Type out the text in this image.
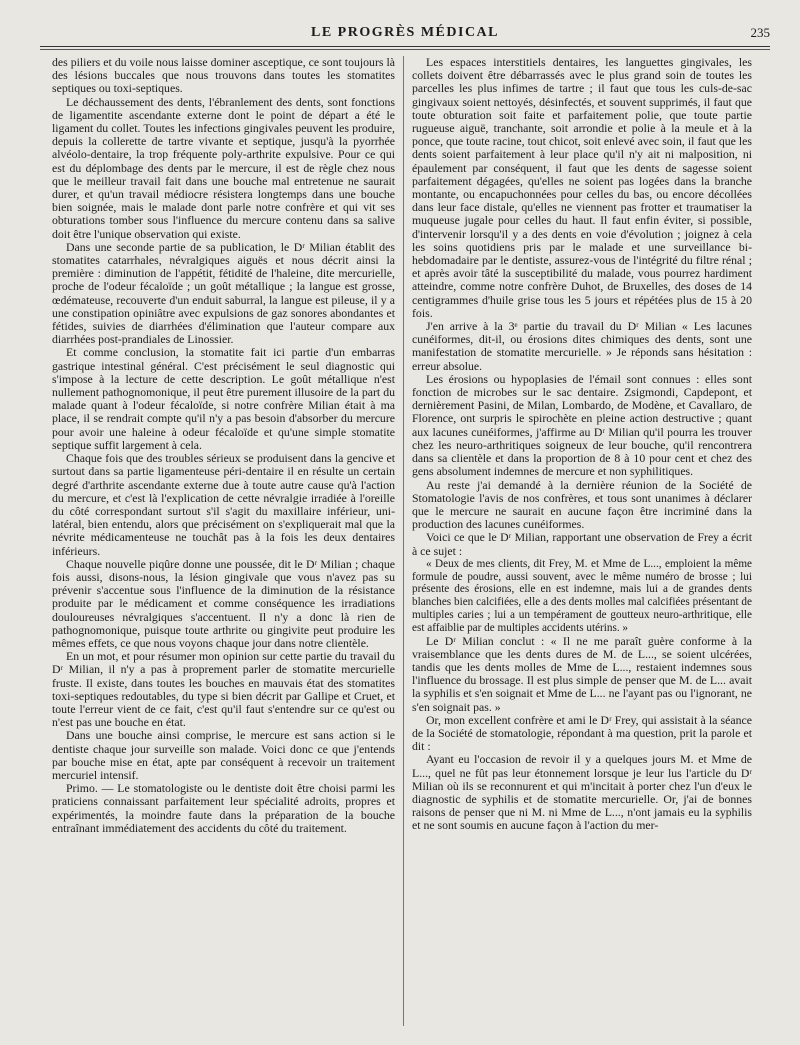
LE PROGRÈS MÉDICAL	235

des piliers et du voile nous laisse dominer asceptique, ce sont toujours là des lésions buccales que nous trouvons dans toutes les stomatites septiques ou toxi-septiques.

Le déchaussement des dents, l'ébranlement des dents, sont fonctions de ligamentite ascendante externe dont le point de départ a été le ligament du collet. Toutes les infections gingivales peuvent les produire, depuis la collerette de tartre vivante et septique, jusqu'à la pyorrhée alvéolo-dentaire, la trop fréquente poly-arthrite expulsive. Pour ce qui est du déplombage des dents par le mercure, il est de règle chez nous que le meilleur travail fait dans une bouche mal entretenue ne saurait durer, et qu'un travail médiocre résistera longtemps dans une bouche bien soignée, mais le malade dont parle notre confrère et qui vit ses obturations tomber sous l'influence du mercure contenu dans sa salive doit être l'unique observation qui existe.

Dans une seconde partie de sa publication, le Dʳ Milian établit des stomatites catarrhales, névralgiques aiguës et nous décrit ainsi la première : diminution de l'appétit, fétidité de l'haleine, dite mercurielle, proche de l'odeur fécaloïde ; un goût métallique ; la langue est grosse, œdémateuse, recouverte d'un enduit saburral, la langue est pileuse, il y a une constipation opiniâtre avec expulsions de gaz sonores abondantes et fétides, suivies de diarrhées d'élimination que l'auteur compare aux diarrhées post-prandiales de Linossier.

Et comme conclusion, la stomatite fait ici partie d'un embarras gastrique intestinal général. C'est précisément le seul diagnostic qui s'impose à la lecture de cette description. Le goût métallique n'est nullement pathognomonique, il peut être purement illusoire de la part du malade quant à l'odeur fécaloïde, si notre confrère Milian était à ma place, il se rendrait compte qu'il n'y a pas besoin d'absorber du mercure pour avoir une haleine à odeur fécaloïde et qu'une simple stomatite septique suffit largement à cela.

Chaque fois que des troubles sérieux se produisent dans la gencive et surtout dans sa partie ligamenteuse péri-dentaire il en résulte un certain degré d'arthrite ascendante externe due à toute autre cause qu'à l'action du mercure, et c'est là l'explication de cette névralgie irradiée à l'oreille du côté correspondant surtout s'il s'agit du maxillaire inférieur, uni-latéral, bien entendu, alors que précisément on s'expliquerait mal que la névrite médicamenteuse ne touchât pas à la fois les deux dentaires inférieurs.

Chaque nouvelle piqûre donne une poussée, dit le Dʳ Milian ; chaque fois aussi, disons-nous, la lésion gingivale que vous n'avez pas su prévenir s'accentue sous l'influence de la diminution de la résistance produite par le médicament et comme conséquence les irradiations douloureuses névralgiques s'accentuent. Il n'y a donc là rien de pathognomonique, puisque toute arthrite ou gingivite peut produire les mêmes effets, ce que nous voyons chaque jour dans notre clientèle.

En un mot, et pour résumer mon opinion sur cette partie du travail du Dʳ Milian, il n'y a pas à proprement parler de stomatite mercurielle fruste. Il existe, dans toutes les bouches en mauvais état des stomatites toxi-septiques redoutables, du type si bien décrit par Gallipe et Cruet, et toute l'erreur vient de ce fait, c'est qu'il faut s'entendre sur ce qu'est ou n'est pas une bouche en état.

Dans une bouche ainsi comprise, le mercure est sans action si le dentiste chaque jour surveille son malade. Voici donc ce que j'entends par bouche mise en état, apte par conséquent à recevoir un traitement mercuriel intensif.

Primo. — Le stomatologiste ou le dentiste doit être choisi parmi les praticiens connaissant parfaitement leur spécialité adroits, propres et expérimentés, la moindre faute dans la préparation de la bouche entraînant immédiatement des accidents du côté du traitement.

Les espaces interstitiels dentaires, les languettes gingivales, les collets doivent être débarrassés avec le plus grand soin de toutes les parcelles les plus infimes de tartre ; il faut que tous les culs-de-sac gingivaux soient nettoyés, désinfectés, et souvent supprimés, il faut que toute obturation soit faite et parfaitement polie, que toute partie rugueuse aiguë, tranchante, soit arrondie et polie à la meule et à la ponce, que toute racine, tout chicot, soit enlevé avec soin, il faut que les dents soient parfaitement à leur place qu'il n'y ait ni malposition, ni épaulement par conséquent, il faut que les dents de sagesse soient parfaitement dégagées, qu'elles ne soient pas logées dans la branche montante, ou encapuchonnées pour celles du bas, ou encore décollées dans leur face distale, qu'elles ne viennent pas frotter et traumatiser la muqueuse jugale pour celles du haut. Il faut enfin éviter, si possible, d'intervenir lorsqu'il y a des dents en voie d'évolution ; joignez à cela les soins quotidiens pris par le malade et une surveillance bi-hebdomadaire par le dentiste, assurez-vous de l'intégrité du filtre rénal ; et après avoir tâté la susceptibilité du malade, vous pourrez hardiment atteindre, comme notre confrère Duhot, de Bruxelles, des doses de 14 centigrammes d'huile grise tous les 5 jours et répétées plus de 15 à 20 fois.

J'en arrive à la 3ᵉ partie du travail du Dʳ Milian « Les lacunes cunéiformes, dit-il, ou érosions dites chimiques des dents, sont une manifestation de stomatite mercurielle. » Je réponds sans hésitation : erreur absolue.

Les érosions ou hypoplasies de l'émail sont connues : elles sont fonction de microbes sur le sac dentaire. Zsigmondi, Capdepont, et dernièrement Pasini, de Milan, Lombardo, de Modène, et Cavallaro, de Florence, ont surpris le spirochète en pleine action destructive ; quant aux lacunes cunéiformes, j'affirme au Dʳ Milian qu'il pourra les trouver chez les neuro-arthritiques soigneux de leur bouche, qu'il rencontrera dans sa clientèle et dans la proportion de 8 à 10 pour cent et chez des gens absolument indemnes de mercure et non syphilitiques.

Au reste j'ai demandé à la dernière réunion de la Société de Stomatologie l'avis de nos confrères, et tous sont unanimes à déclarer que le mercure ne saurait en aucune façon être incriminé dans la production des lacunes cunéiformes.

Voici ce que le Dʳ Milian, rapportant une observation de Frey a écrit à ce sujet :

« Deux de mes clients, dit Frey, M. et Mme de L..., emploient la même formule de poudre, aussi souvent, avec le même numéro de brosse ; lui présente des érosions, elle en est indemne, mais lui a de grandes dents blanches bien calcifiées, elle a des dents molles mal calcifiées présentant de multiples caries ; lui a un tempérament de goutteux neuro-arthritique, elle est affaiblie par de multiples accidents utérins. »

Le Dʳ Milian conclut : « Il ne me paraît guère conforme à la vraisemblance que les dents dures de M. de L..., se soient ulcérées, tandis que les dents molles de Mme de L..., restaient indemnes sous l'influence du brossage. Il est plus simple de penser que M. de L... avait la syphilis et s'en soignait et Mme de L... ne l'ayant pas ou l'ignorant, ne s'en soignait pas. »

Or, mon excellent confrère et ami le Dʳ Frey, qui assistait à la séance de la Société de stomatologie, répondant à ma question, prit la parole et dit :

Ayant eu l'occasion de revoir il y a quelques jours M. et Mme de L..., quel ne fût pas leur étonnement lorsque je leur lus l'article du Dʳ Milian où ils se reconnurent et qui m'incitait à porter chez l'un d'eux le diagnostic de syphilis et de stomatite mercurielle. Or, j'ai de bonnes raisons de penser que ni M. ni Mme de L..., n'ont jamais eu la syphilis et ne sont soumis en aucune façon à l'action du mer-
